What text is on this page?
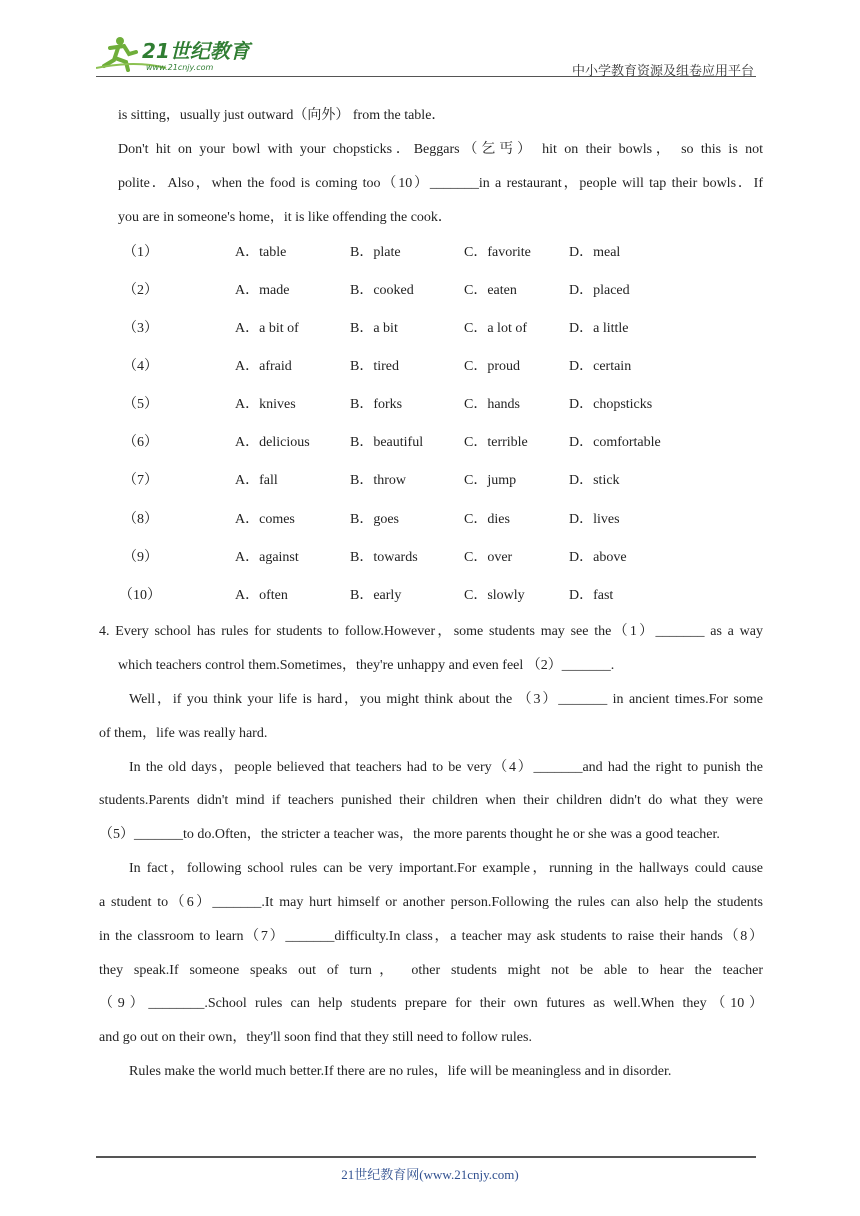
21世纪教育
www.21cnjy.com	中小学教育资源及组卷应用平台
is sitting，usually just outward（向外） from the table．
Don't hit on your bowl with your chopsticks．Beggars（乞丐） hit on their bowls， so this is not
polite．Also，when the food is coming too（10）_______in a restaurant，people will tap their bowls．If
you are in someone's home，it is like offending the cook．
（1）	A．table	B．plate	C．favorite	D．meal
（2）	A．made	B．cooked	C．eaten	D．placed
（3）	A．a bit of	B．a bit	C．a lot of	D．a little
（4）	A．afraid	B．tired	C．proud	D．certain
（5）	A．knives	B．forks	C．hands	D．chopsticks
（6）	A．delicious	B．beautiful	C．terrible	D．comfortable
（7）	A．fall	B．throw	C．jump	D．stick
（8）	A．comes	B．goes	C．dies	D．lives
（9）	A．against	B．towards	C．over	D．above
（10）	A．often	B．early	C．slowly	D．fast
4. Every school has rules for students to follow.However，some students may see the（1）_______ as a way
which teachers control them.Sometimes，they're unhappy and even feel （2）_______.
Well，if you think your life is hard，you might think about the （3）_______ in ancient times.For some
of them，life was really hard.
In the old days，people believed that teachers had to be very（4）_______and had the right to punish the
students.Parents didn't mind if teachers punished their children when their children didn't do what they were
（5）_______to do.Often，the stricter a teacher was，the more parents thought he or she was a good teacher.
In fact，following school rules can be very important.For example，running in the hallways could cause
a student to（6）_______.It may hurt himself or another person.Following the rules can also help the students
in the classroom to learn（7）_______difficulty.In class，a teacher may ask students to raise their hands（8）
they speak.If someone speaks out of turn， other students might not be able to hear the teacher
（9）________.School rules can help students prepare for their own futures as well.When they（10）
and go out on their own，they'll soon find that they still need to follow rules.
Rules make the world much better.If there are no rules，life will be meaningless and in disorder.
21世纪教育网(www.21cnjy.com)
